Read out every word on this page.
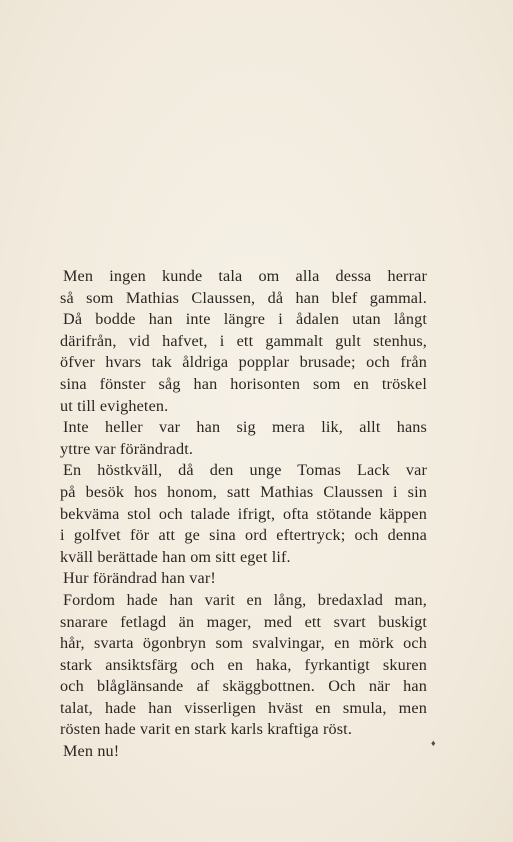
Men ingen kunde tala om alla dessa herrar
så som Mathias Claussen, då han blef gammal.
Då bodde han inte längre i ådalen utan långt
därifrån, vid hafvet, i ett gammalt gult stenhus,
öfver hvars tak åldriga popplar brusade; och från
sina fönster såg han horisonten som en tröskel
ut till evigheten.
Inte heller var han sig mera lik, allt hans
yttre var förändradt.
En höstkväll, då den unge Tomas Lack var
på besök hos honom, satt Mathias Claussen i sin
bekväma stol och talade ifrigt, ofta stötande käppen
i golfvet för att ge sina ord eftertryck; och denna
kväll berättade han om sitt eget lif.
Hur förändrad han var!
Fordom hade han varit en lång, bredaxlad man,
snarare fetlagd än mager, med ett svart buskigt
hår, svarta ögonbryn som svalvingar, en mörk och
stark ansiktsfärg och en haka, fyrkantigt skuren
och blåglänsande af skäggbottnen. Och när han
talat, hade han visserligen hväst en smula, men
rösten hade varit en stark karls kraftiga röst.
Men nu!	♦
